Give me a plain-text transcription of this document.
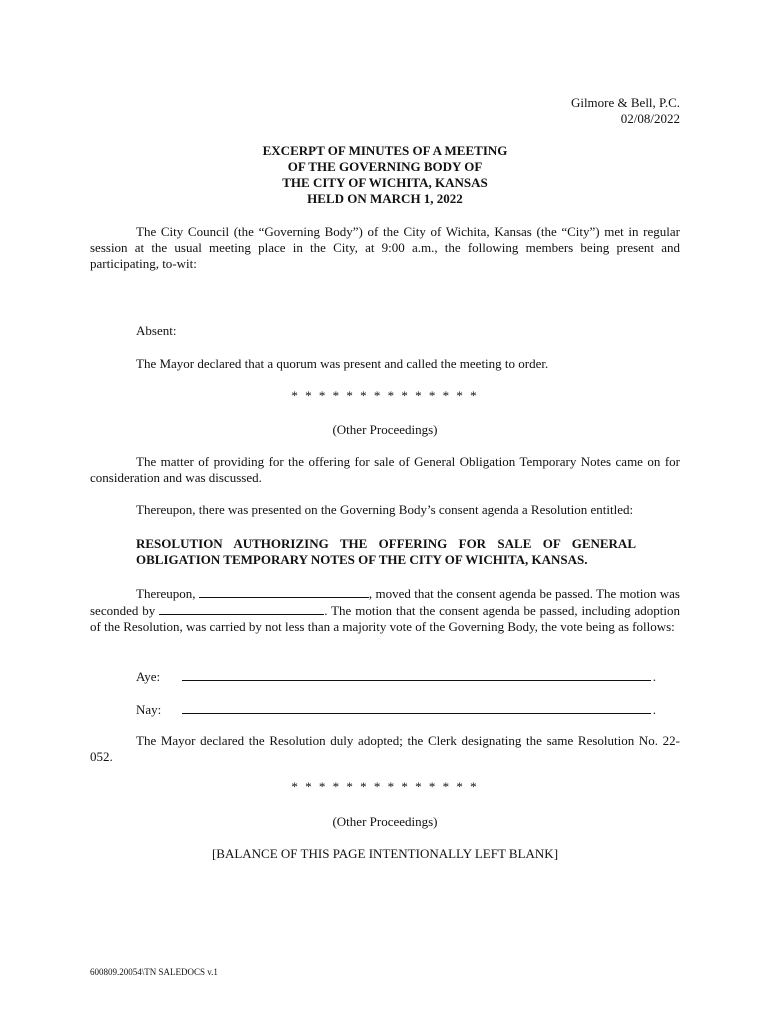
Gilmore & Bell, P.C.
02/08/2022
EXCERPT OF MINUTES OF A MEETING
OF THE GOVERNING BODY OF
THE CITY OF WICHITA, KANSAS
HELD ON MARCH 1, 2022
The City Council (the “Governing Body”) of the City of Wichita, Kansas (the “City”) met in regular session at the usual meeting place in the City, at 9:00 a.m., the following members being present and participating, to-wit:
Absent:
The Mayor declared that a quorum was present and called the meeting to order.
* * * * * * * * * * * * * *
(Other Proceedings)
The matter of providing for the offering for sale of General Obligation Temporary Notes came on for consideration and was discussed.
Thereupon, there was presented on the Governing Body’s consent agenda a Resolution entitled:
RESOLUTION AUTHORIZING THE OFFERING FOR SALE OF GENERAL OBLIGATION TEMPORARY NOTES OF THE CITY OF WICHITA, KANSAS.
Thereupon,	, moved that the consent agenda be passed. The motion was seconded by	. The motion that the consent agenda be passed, including adoption of the Resolution, was carried by not less than a majority vote of the Governing Body, the vote being as follows:
Aye:	.
Nay:	.
The Mayor declared the Resolution duly adopted; the Clerk designating the same Resolution No. 22-052.
* * * * * * * * * * * * * *
(Other Proceedings)
[BALANCE OF THIS PAGE INTENTIONALLY LEFT BLANK]
600809.20054\TN SALEDOCS v.1
